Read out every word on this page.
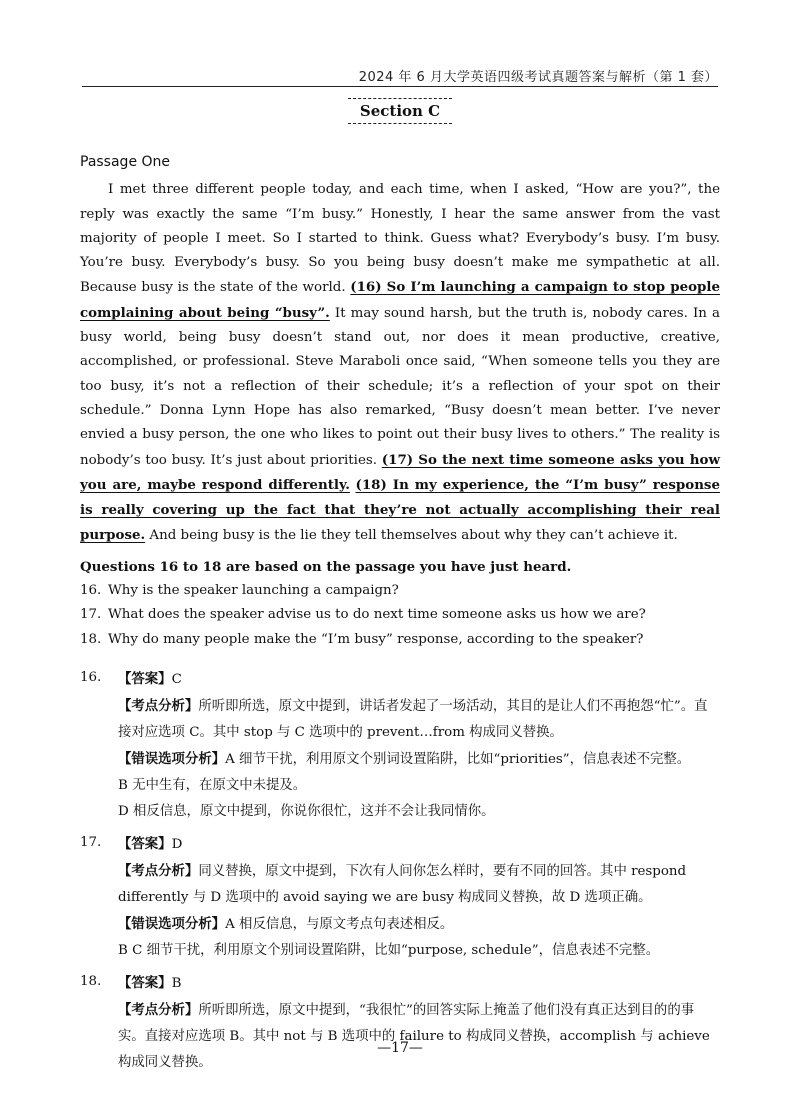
2024 年 6 月大学英语四级考试真题答案与解析（第 1 套）
Section C
Passage One

I met three different people today, and each time, when I asked, “How are you?”, the reply was exactly the same “I’m busy.” Honestly, I hear the same answer from the vast majority of people I meet. So I started to think. Guess what? Everybody’s busy. I’m busy. You’re busy. Everybody’s busy. So you being busy doesn’t make me sympathetic at all. Because busy is the state of the world. (16) So I’m launching a campaign to stop people complaining about being “busy”. It may sound harsh, but the truth is, nobody cares. In a busy world, being busy doesn’t stand out, nor does it mean productive, creative, accomplished, or professional. Steve Maraboli once said, “When someone tells you they are too busy, it’s not a reflection of their schedule; it’s a reflection of your spot on their schedule.” Donna Lynn Hope has also remarked, “Busy doesn’t mean better. I’ve never envied a busy person, the one who likes to point out their busy lives to others.” The reality is nobody’s too busy. It’s just about priorities. (17) So the next time someone asks you how you are, maybe respond differently. (18) In my experience, the “I’m busy” response is really covering up the fact that they’re not actually accomplishing their real purpose. And being busy is the lie they tell themselves about why they can’t achieve it.

Questions 16 to 18 are based on the passage you have just heard.
16. Why is the speaker launching a campaign?
17. What does the speaker advise us to do next time someone asks us how we are?
18. Why do many people make the “I’m busy” response, according to the speaker?
16.	【答案】C
【考点分析】所听即所选，原文中提到，讲话者发起了一场活动，其目的是让人们不再抱怨“忙”。直接对应选项 C。其中 stop 与 C 选项中的 prevent…from 构成同义替换。
【错误选项分析】A 细节干扰，利用原文个别词设置陷阱，比如“priorities”，信息表述不完整。
B 无中生有，在原文中未提及。
D 相反信息，原文中提到，你说你很忙，这并不会让我同情你。
17.	【答案】D
【考点分析】同义替换，原文中提到，下次有人问你怎么样时，要有不同的回答。其中 respond differently 与 D 选项中的 avoid saying we are busy 构成同义替换，故 D 选项正确。
【错误选项分析】A 相反信息，与原文考点句表述相反。
B C 细节干扰，利用原文个别词设置陷阱，比如“purpose, schedule”，信息表述不完整。
18.	【答案】B
【考点分析】所听即所选，原文中提到，“我很忙”的回答实际上掩盖了他们没有真正达到目的的事实。直接对应选项 B。其中 not 与 B 选项中的 failure to 构成同义替换，accomplish 与 achieve 构成同义替换。
—17—
